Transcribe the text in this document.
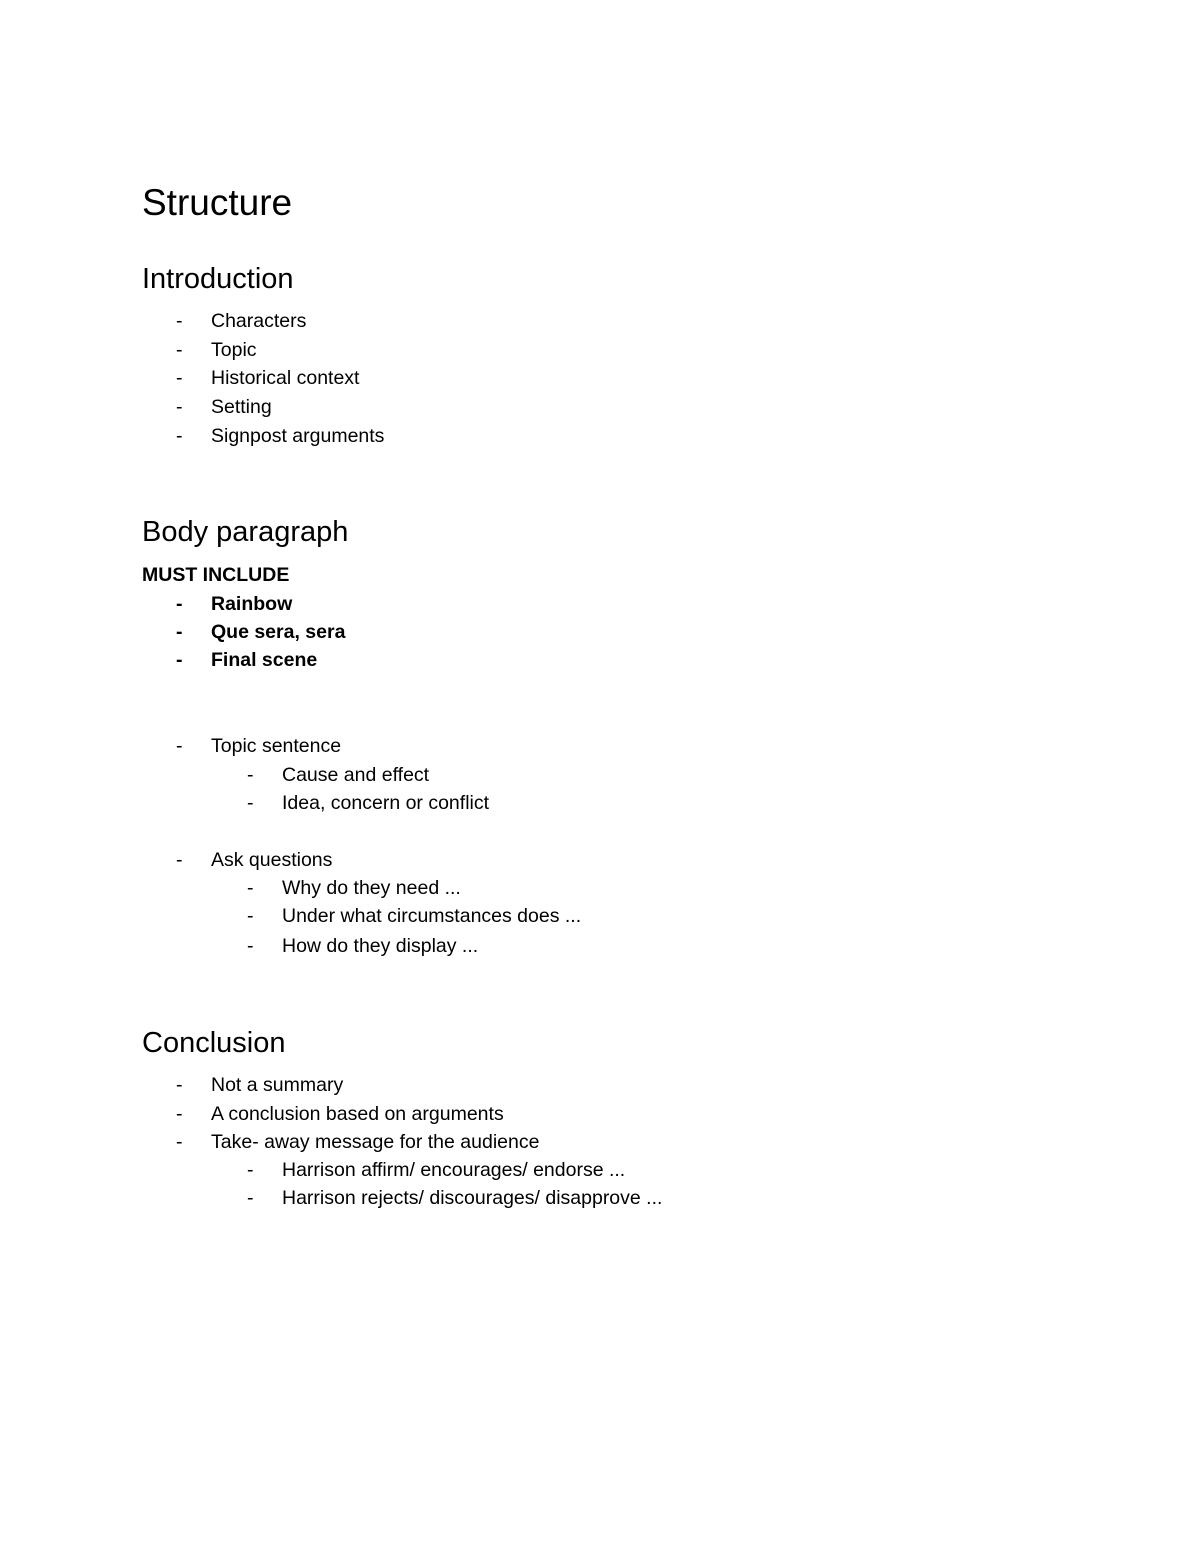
Structure
Introduction
- Characters
- Topic
- Historical context
- Setting
- Signpost arguments
Body paragraph
MUST INCLUDE
- Rainbow
- Que sera, sera
- Final scene
- Topic sentence
- Cause and effect
- Idea, concern or conflict
- Ask questions
- Why do they need ...
- Under what circumstances does ...
- How do they display ...
Conclusion
- Not a summary
- A conclusion based on arguments
- Take- away message for the audience
- Harrison affirm/ encourages/ endorse ...
- Harrison rejects/ discourages/ disapprove ...
